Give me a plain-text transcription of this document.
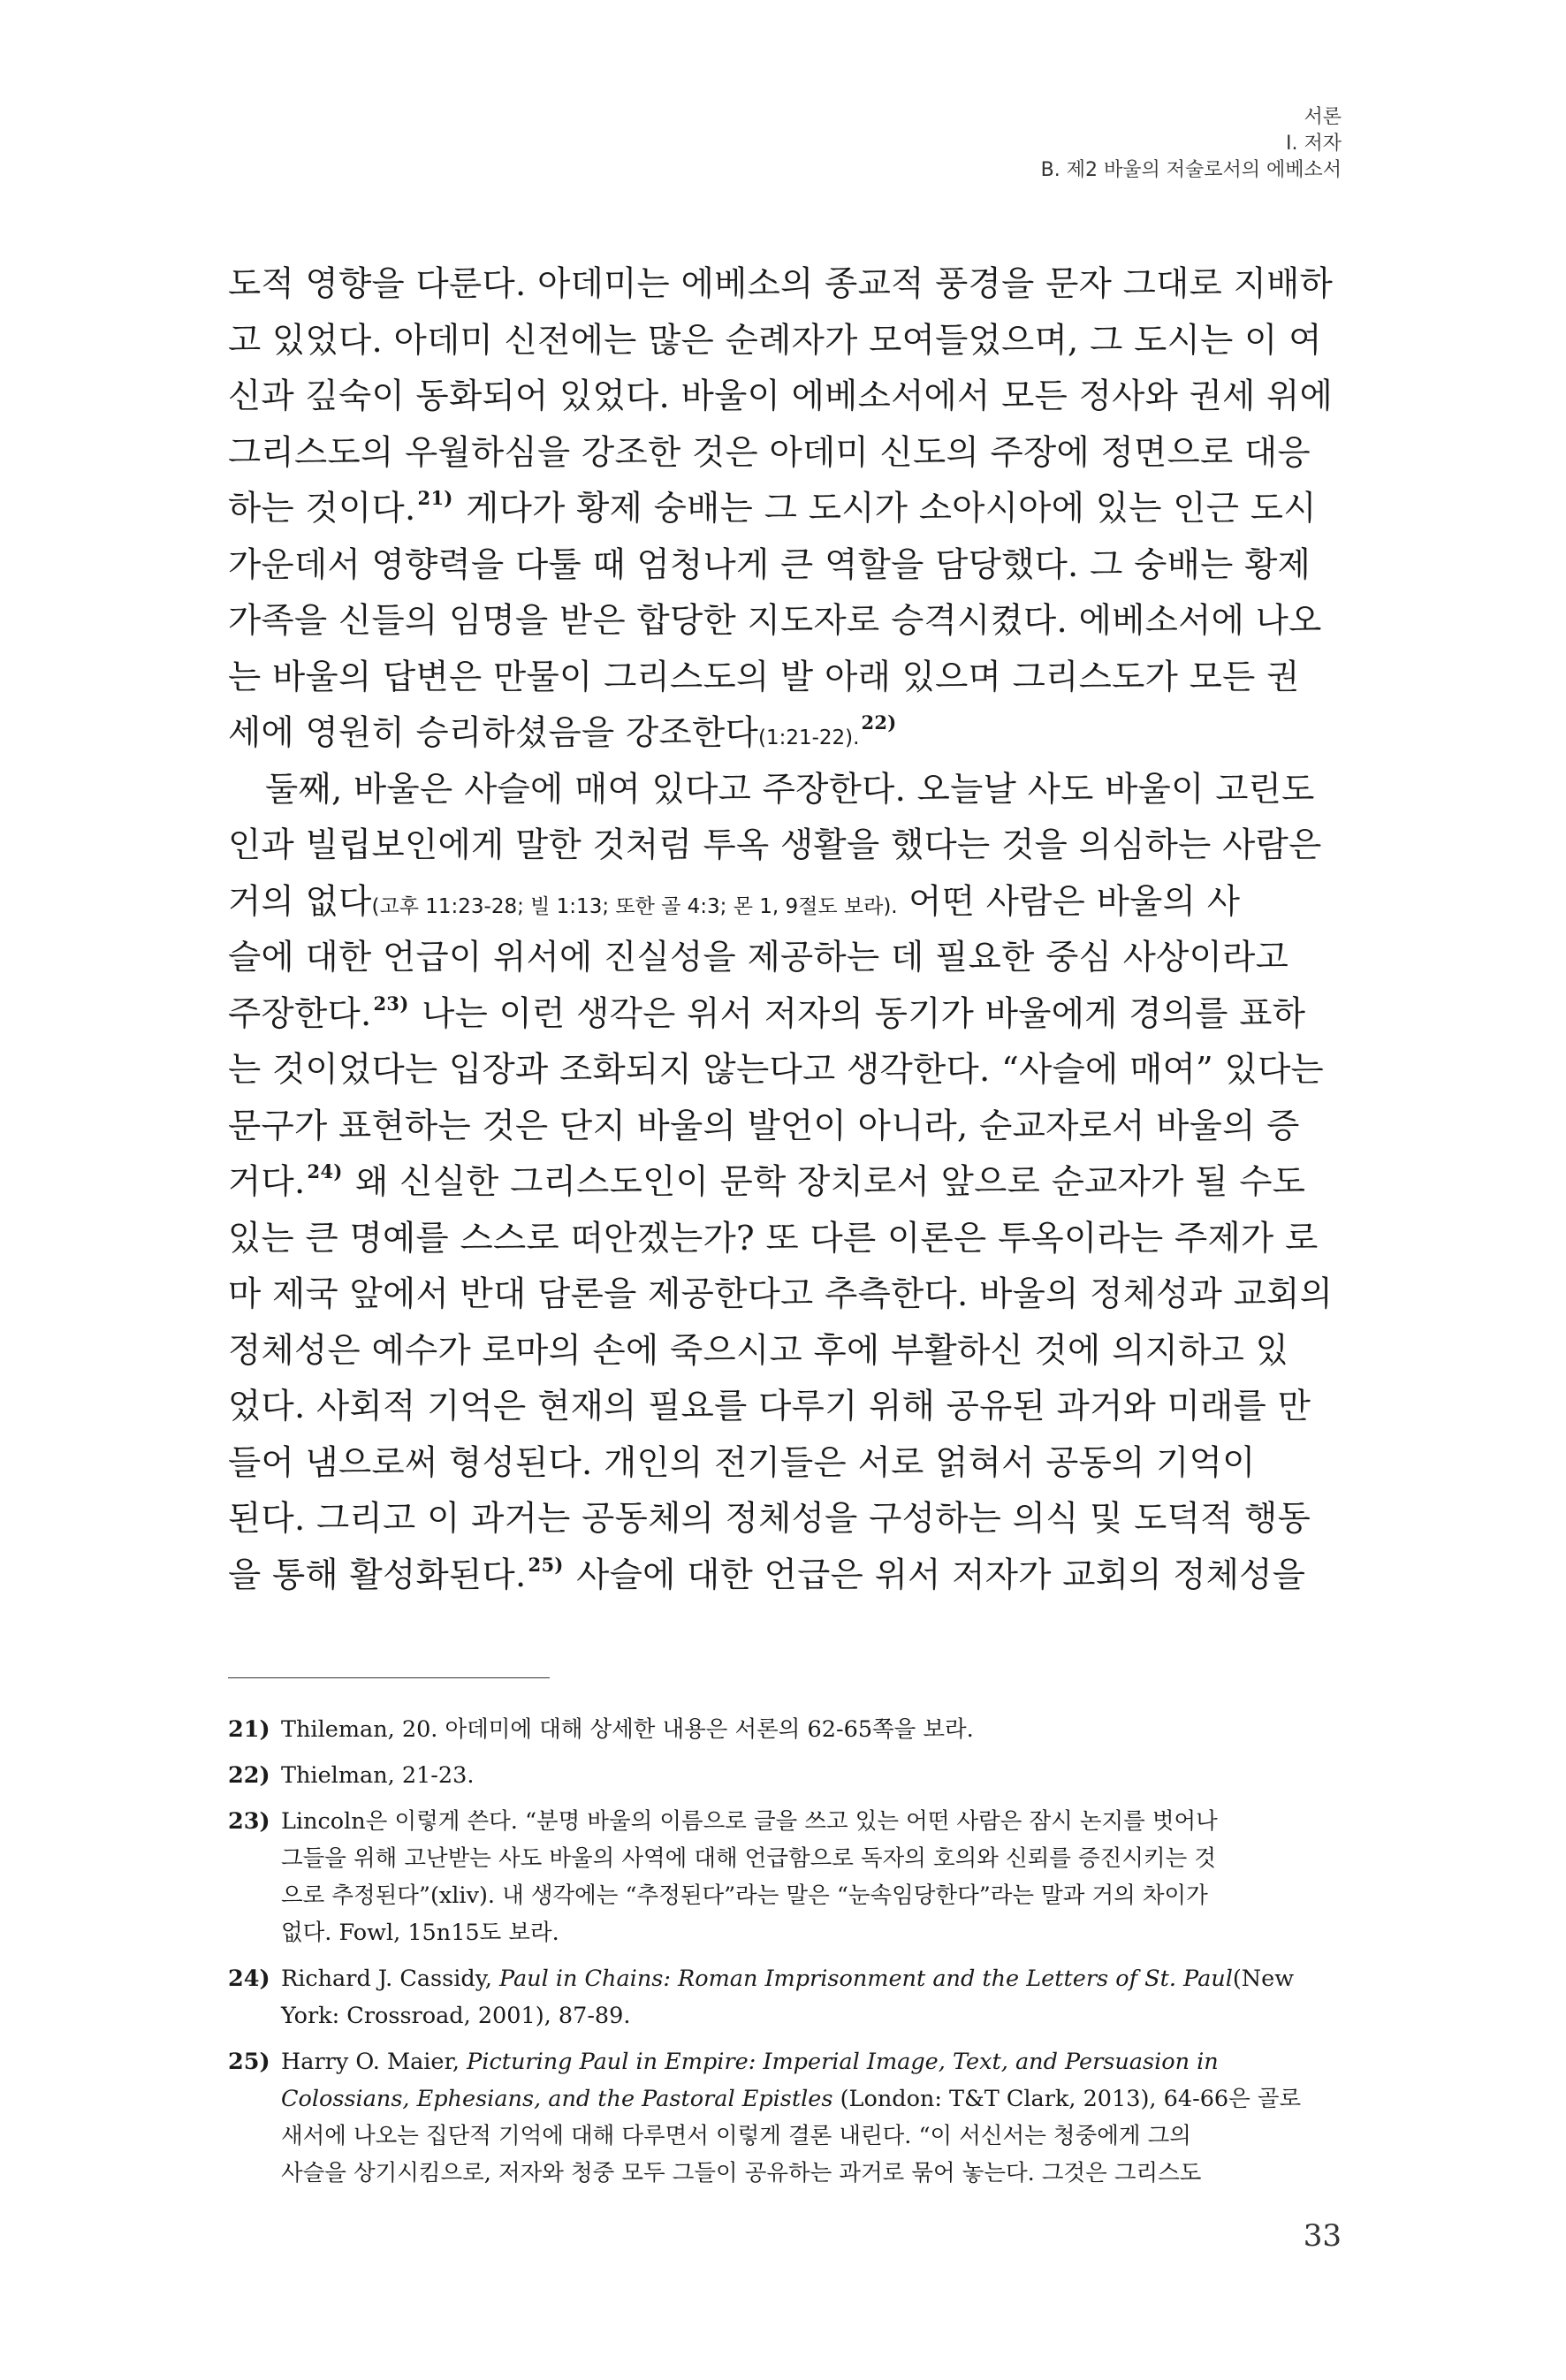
서론
Ⅰ. 저자
B. 제2 바울의 저술로서의 에베소서
도적 영향을 다룬다. 아데미는 에베소의 종교적 풍경을 문자 그대로 지배하
고 있었다. 아데미 신전에는 많은 순례자가 모여들었으며, 그 도시는 이 여
신과 깊숙이 동화되어 있었다. 바울이 에베소서에서 모든 정사와 권세 위에
그리스도의 우월하심을 강조한 것은 아데미 신도의 주장에 정면으로 대응
하는 것이다.$^{21)}$ 게다가 황제 숭배는 그 도시가 소아시아에 있는 인근 도시
가운데서 영향력을 다툴 때 엄청나게 큰 역할을 담당했다. 그 숭배는 황제
가족을 신들의 임명을 받은 합당한 지도자로 승격시켰다. 에베소서에 나오
는 바울의 답변은 만물이 그리스도의 발 아래 있으며 그리스도가 모든 권
세에 영원히 승리하셨음을 강조한다(1:21-22).$^{22)}$
둘째, 바울은 사슬에 매여 있다고 주장한다. 오늘날 사도 바울이 고린도
인과 빌립보인에게 말한 것처럼 투옥 생활을 했다는 것을 의심하는 사람은
거의 없다(고후 11:23-28; 빌 1:13; 또한 골 4:3; 몬 1, 9절도 보라). 어떤 사람은 바울의 사
슬에 대한 언급이 위서에 진실성을 제공하는 데 필요한 중심 사상이라고
주장한다.$^{23)}$ 나는 이런 생각은 위서 저자의 동기가 바울에게 경의를 표하
는 것이었다는 입장과 조화되지 않는다고 생각한다. “사슬에 매여” 있다는
문구가 표현하는 것은 단지 바울의 발언이 아니라, 순교자로서 바울의 증
거다.$^{24)}$ 왜 신실한 그리스도인이 문학 장치로서 앞으로 순교자가 될 수도
있는 큰 명예를 스스로 떠안겠는가? 또 다른 이론은 투옥이라는 주제가 로
마 제국 앞에서 반대 담론을 제공한다고 추측한다. 바울의 정체성과 교회의
정체성은 예수가 로마의 손에 죽으시고 후에 부활하신 것에 의지하고 있
었다. 사회적 기억은 현재의 필요를 다루기 위해 공유된 과거와 미래를 만
들어 냄으로써 형성된다. 개인의 전기들은 서로 얽혀서 공동의 기억이
된다. 그리고 이 과거는 공동체의 정체성을 구성하는 의식 및 도덕적 행동
을 통해 활성화된다.$^{25)}$ 사슬에 대한 언급은 위서 저자가 교회의 정체성을
21) Thileman, 20. 아데미에 대해 상세한 내용은 서론의 62-65쪽을 보라.
22) Thielman, 21-23.
23) Lincoln은 이렇게 쓴다. “분명 바울의 이름으로 글을 쓰고 있는 어떤 사람은 잠시 논지를 벗어나
그들을 위해 고난받는 사도 바울의 사역에 대해 언급함으로 독자의 호의와 신뢰를 증진시키는 것
으로 추정된다”(xliv). 내 생각에는 “추정된다”라는 말은 “눈속임당한다”라는 말과 거의 차이가
없다. Fowl, 15n15도 보라.
24) Richard J. Cassidy, Paul in Chains: Roman Imprisonment and the Letters of St. Paul(New
York: Crossroad, 2001), 87-89.
25) Harry O. Maier, Picturing Paul in Empire: Imperial Image, Text, and Persuasion in
Colossians, Ephesians, and the Pastoral Epistles (London: T&T Clark, 2013), 64-66은 골로
새서에 나오는 집단적 기억에 대해 다루면서 이렇게 결론 내린다. “이 서신서는 청중에게 그의
사슬을 상기시킴으로, 저자와 청중 모두 그들이 공유하는 과거로 묶어 놓는다. 그것은 그리스도
33
